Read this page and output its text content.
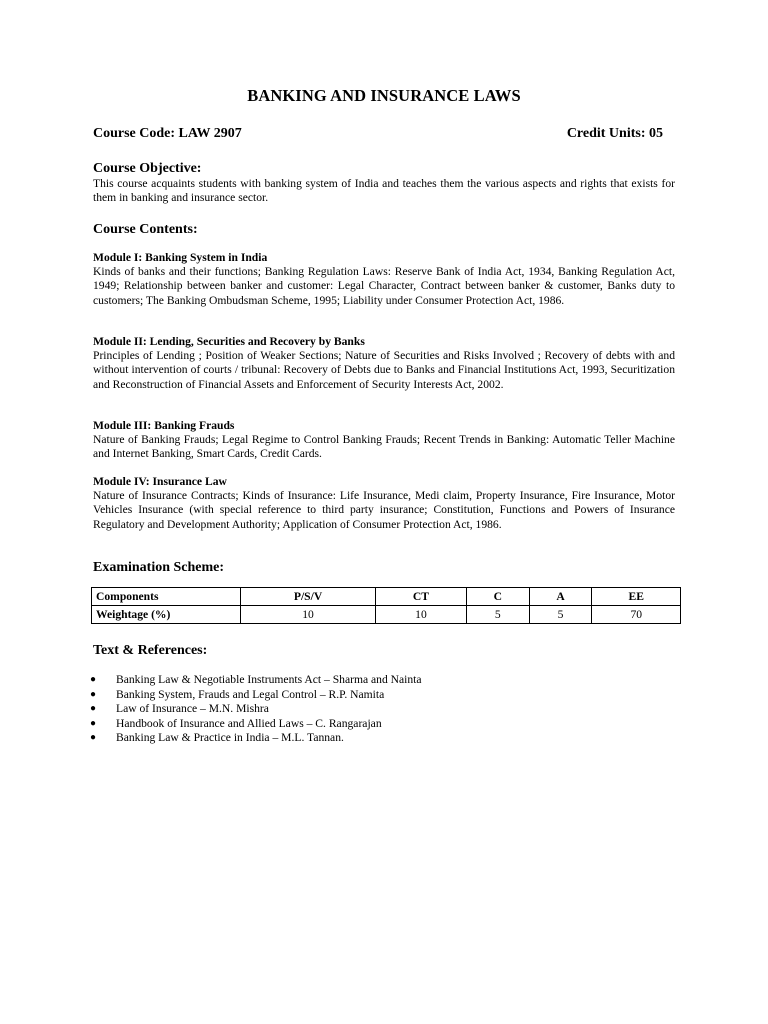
BANKING AND INSURANCE LAWS
Course Code: LAW 2907	Credit Units: 05
Course Objective:
This course acquaints students with banking system of India and teaches them the various aspects and rights that exists for them in banking and insurance sector.
Course Contents:
Module I: Banking System in India
Kinds of banks and their functions; Banking Regulation Laws: Reserve Bank of India Act, 1934, Banking Regulation Act, 1949; Relationship between banker and customer: Legal Character, Contract between banker & customer, Banks duty to customers; The Banking Ombudsman Scheme, 1995; Liability under Consumer Protection Act, 1986.
Module II: Lending, Securities and Recovery by Banks
Principles of Lending ; Position of Weaker Sections; Nature of Securities and Risks Involved ; Recovery of debts with and without intervention of courts / tribunal: Recovery of Debts due to Banks and Financial Institutions Act, 1993, Securitization and Reconstruction of Financial Assets and Enforcement of Security Interests Act, 2002.
Module III: Banking Frauds
Nature of Banking Frauds; Legal Regime to Control Banking Frauds; Recent Trends in Banking: Automatic Teller Machine and Internet Banking, Smart Cards, Credit Cards.
Module IV: Insurance Law
Nature of Insurance Contracts; Kinds of Insurance: Life Insurance, Medi claim, Property Insurance, Fire Insurance, Motor Vehicles Insurance (with special reference to third party insurance; Constitution, Functions and Powers of Insurance Regulatory and Development Authority; Application of Consumer Protection Act, 1986.
Examination Scheme:
Components	P/S/V	CT	C	A	EE
Weightage (%)	10	10	5	5	70
Text & References:
● Banking Law & Negotiable Instruments Act – Sharma and Nainta
● Banking System, Frauds and Legal Control – R.P. Namita
● Law of Insurance – M.N. Mishra
● Handbook of Insurance and Allied Laws – C. Rangarajan
● Banking Law & Practice in India – M.L. Tannan.
